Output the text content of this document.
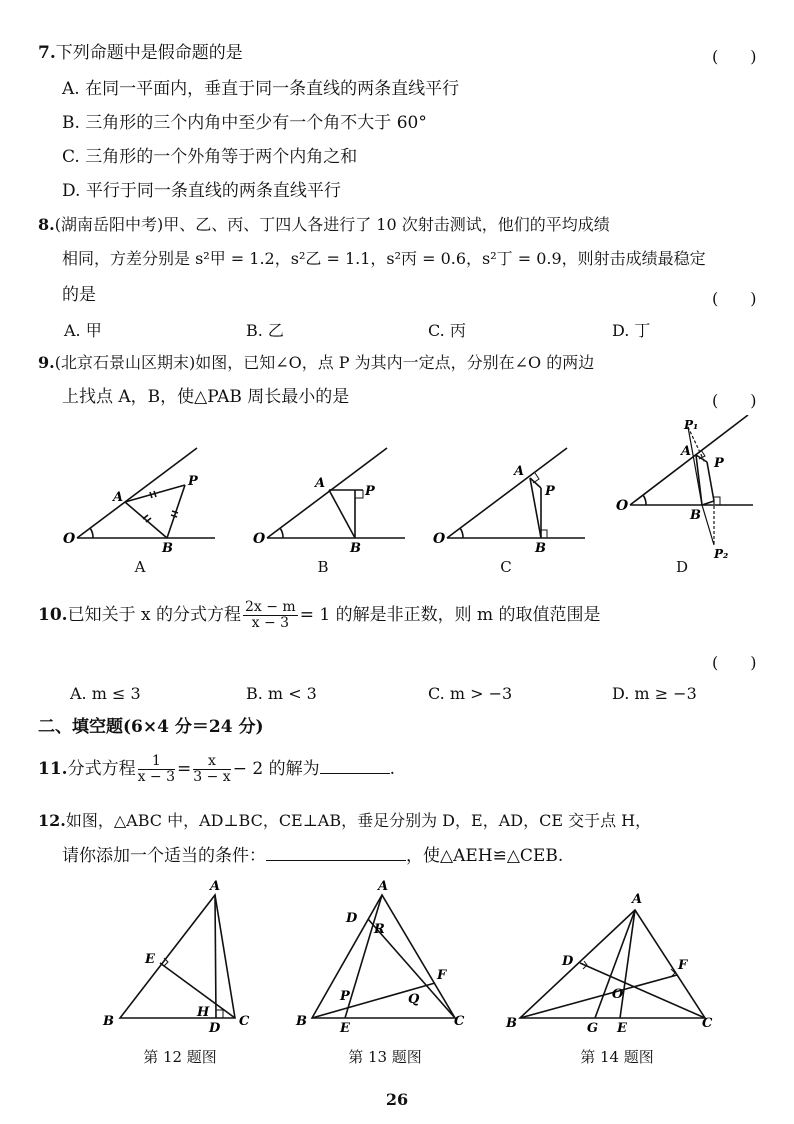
7.下列命题中是假命题的是	(　　)
A. 在同一平面内，垂直于同一条直线的两条直线平行
B. 三角形的三个内角中至少有一个角不大于 60°
C. 三角形的一个外角等于两个内角之和
D. 平行于同一条直线的两条直线平行
8.(湖南岳阳中考)甲、乙、丙、丁四人各进行了 10 次射击测试，他们的平均成绩
相同，方差分别是 s²甲 = 1.2，s²乙 = 1.1，s²丙 = 0.6，s²丁 = 0.9，则射击成绩最稳定
的是	(　　)
A. 甲	B. 乙	C. 丙	D. 丁
9.(北京石景山区期末)如图，已知∠O，点 P 为其内一定点，分别在∠O 的两边
上找点 A，B，使△PAB 周长最小的是	(　　)
O
A
P
B
O
A
P
B
O
A
P
B
O
A
P₁
P
B
P₂
A	B	C	D
10.已知关于 x 的分式方程 $\frac{2x - m}{x - 3} = 1$ 的解是非正数，则 m 的取值范围是
(　　)
A. m ≤ 3	B. m < 3	C. m > −3	D. m ≥ −3
二、填空题(6×4 分＝24 分)
11.分式方程 $\frac{1}{x - 3} = \frac{x}{3 - x} - 2$ 的解为	.
12.如图，△ABC 中，AD⊥BC，CE⊥AB，垂足分别为 D，E，AD，CE 交于点 H，
请你添加一个适当的条件：	，使△AEH≌△CEB.
A
E
H
B	D C
A
D
R
F
P	Q
B	E	C
A
D	F
O
B	G E	C
第 12 题图	第 13 题图	第 14 题图
26
